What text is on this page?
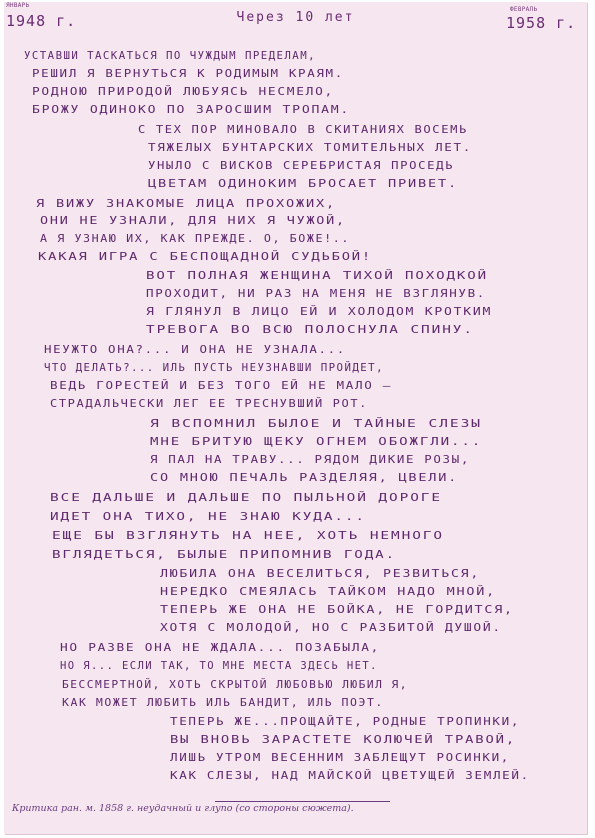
ЯНВАРЬ
1948 г.	Через 10 лет
ФЕВРАЛЬ
1958 г.
УСТАВШИ ТАСКАТЬСЯ ПО ЧУЖДЫМ ПРЕДЕЛАМ,
РЕШИЛ Я ВЕРНУТЬСЯ К РОДИМЫМ КРАЯМ.
РОДНОЮ ПРИРОДОЙ ЛЮБУЯСЬ НЕСМЕЛО,
БРОЖУ ОДИНОКО ПО ЗАРОСШИМ ТРОПАМ.
С ТЕХ ПОР МИНОВАЛО В СКИТАНИЯХ ВОСЕМЬ
ТЯЖЕЛЫХ БУНТАРСКИХ ТОМИТЕЛЬНЫХ ЛЕТ.
УНЫЛО С ВИСКОВ СЕРЕБРИСТАЯ ПРОСЕДЬ
ЦВЕТАМ ОДИНОКИМ БРОСАЕТ ПРИВЕТ.
Я ВИЖУ ЗНАКОМЫЕ ЛИЦА ПРОХОЖИХ,
ОНИ НЕ УЗНАЛИ, ДЛЯ НИХ Я ЧУЖОЙ,
А Я УЗНАЮ ИХ, КАК ПРЕЖДЕ. О, БОЖЕ!..
КАКАЯ ИГРА С БЕСПОЩАДНОЙ СУДЬБОЙ!
ВОТ ПОЛНАЯ ЖЕНЩИНА ТИХОЙ ПОХОДКОЙ
ПРОХОДИТ, НИ РАЗ НА МЕНЯ НЕ ВЗГЛЯНУВ.
Я ГЛЯНУЛ В ЛИЦО ЕЙ И ХОЛОДОМ КРОТКИМ
ТРЕВОГА ВО ВСЮ ПОЛОСНУЛА СПИНУ.
НЕУЖТО ОНА?... И ОНА НЕ УЗНАЛА...
ЧТО ДЕЛАТЬ?... ИЛЬ ПУСТЬ НЕУЗНАВШИ ПРОЙДЕТ,
ВЕДЬ ГОРЕСТЕЙ И БЕЗ ТОГО ЕЙ НЕ МАЛО —
СТРАДАЛЬЧЕСКИ ЛЕГ ЕЕ ТРЕСНУВШИЙ РОТ.
Я ВСПОМНИЛ БЫЛОЕ И ТАЙНЫЕ СЛЕЗЫ
МНЕ БРИТУЮ ЩЕКУ ОГНЕМ ОБОЖГЛИ...
Я ПАЛ НА ТРАВУ... РЯДОМ ДИКИЕ РОЗЫ,
СО МНОЮ ПЕЧАЛЬ РАЗДЕЛЯЯ, ЦВЕЛИ.
ВСЕ ДАЛЬШЕ И ДАЛЬШЕ ПО ПЫЛЬНОЙ ДОРОГЕ
ИДЕТ ОНА ТИХО, НЕ ЗНАЮ КУДА...
ЕЩЕ БЫ ВЗГЛЯНУТЬ НА НЕЕ, ХОТЬ НЕМНОГО
ВГЛЯДЕТЬСЯ, БЫЛЫЕ ПРИПОМНИВ ГОДА.
ЛЮБИЛА ОНА ВЕСЕЛИТЬСЯ, РЕЗВИТЬСЯ,
НЕРЕДКО СМЕЯЛАСЬ ТАЙКОМ НАДО МНОЙ,
ТЕПЕРЬ ЖЕ ОНА НЕ БОЙКА, НЕ ГОРДИТСЯ,
ХОТЯ С МОЛОДОЙ, НО С РАЗБИТОЙ ДУШОЙ.
НО РАЗВЕ ОНА НЕ ЖДАЛА... ПОЗАБЫЛА,
НО Я... ЕСЛИ ТАК, ТО МНЕ МЕСТА ЗДЕСЬ НЕТ.
БЕССМЕРТНОЙ, ХОТЬ СКРЫТОЙ ЛЮБОВЬЮ ЛЮБИЛ Я,
КАК МОЖЕТ ЛЮБИТЬ ИЛЬ БАНДИТ, ИЛЬ ПОЭТ.
ТЕПЕРЬ ЖЕ...ПРОЩАЙТЕ, РОДНЫЕ ТРОПИНКИ,
ВЫ ВНОВЬ ЗАРАСТЕТЕ КОЛЮЧЕЙ ТРАВОЙ,
ЛИШЬ УТРОМ ВЕСЕННИМ ЗАБЛЕЩУТ РОСИНКИ,
КАК СЛЕЗЫ, НАД МАЙСКОЙ ЦВЕТУЩЕЙ ЗЕМЛЕЙ.
Критика ран. м. 1858 г. неудачный и глупо (со стороны сюжета).
